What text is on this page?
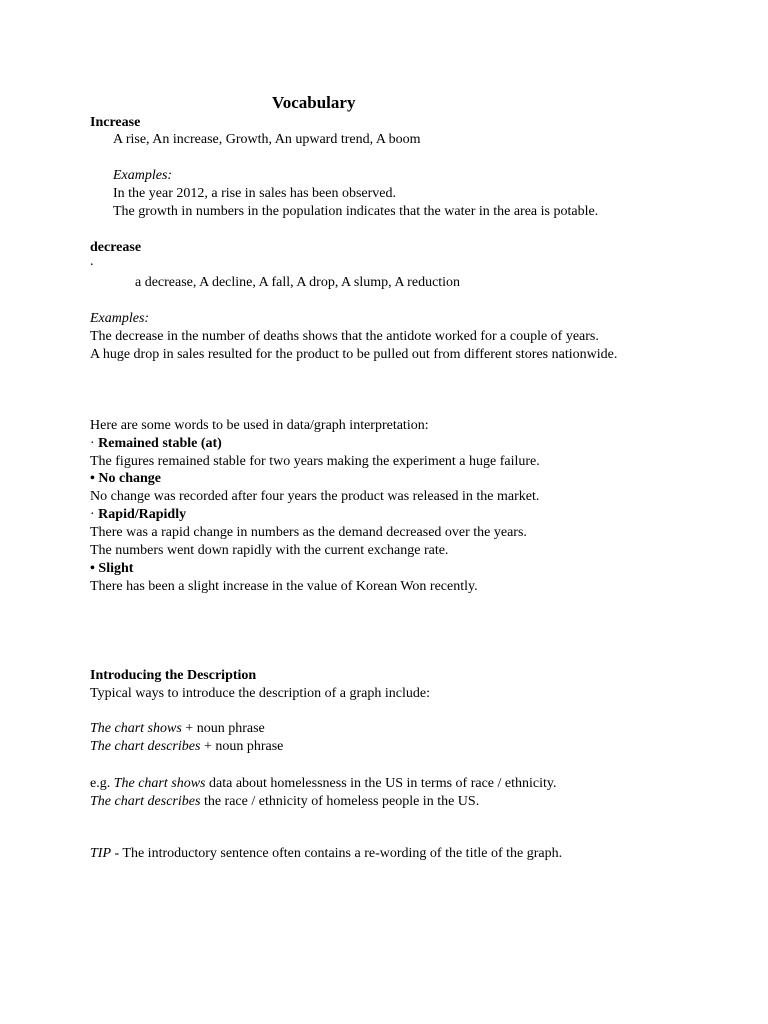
Vocabulary
Increase
A rise, An increase, Growth, An upward trend, A boom
Examples:
In the year 2012, a rise in sales has been observed.
The growth in numbers in the population indicates that the water in the area is potable.
decrease
.
a decrease, A decline, A fall, A drop, A slump, A reduction
Examples:
The decrease in the number of deaths shows that the antidote worked for a couple of years.
A huge drop in sales resulted for the product to be pulled out from different stores nationwide.
Here are some words to be used in data/graph interpretation:
· Remained stable (at)
The figures remained stable for two years making the experiment a huge failure.
• No change
No change was recorded after four years the product was released in the market.
· Rapid/Rapidly
There was a rapid change in numbers as the demand decreased over the years.
The numbers went down rapidly with the current exchange rate.
• Slight
There has been a slight increase in the value of Korean Won recently.
Introducing the Description
Typical ways to introduce the description of a graph include:
The chart shows + noun phrase
The chart describes + noun phrase
e.g. The chart shows data about homelessness in the US in terms of race / ethnicity.
The chart describes the race / ethnicity of homeless people in the US.
TIP - The introductory sentence often contains a re-wording of the title of the graph.
